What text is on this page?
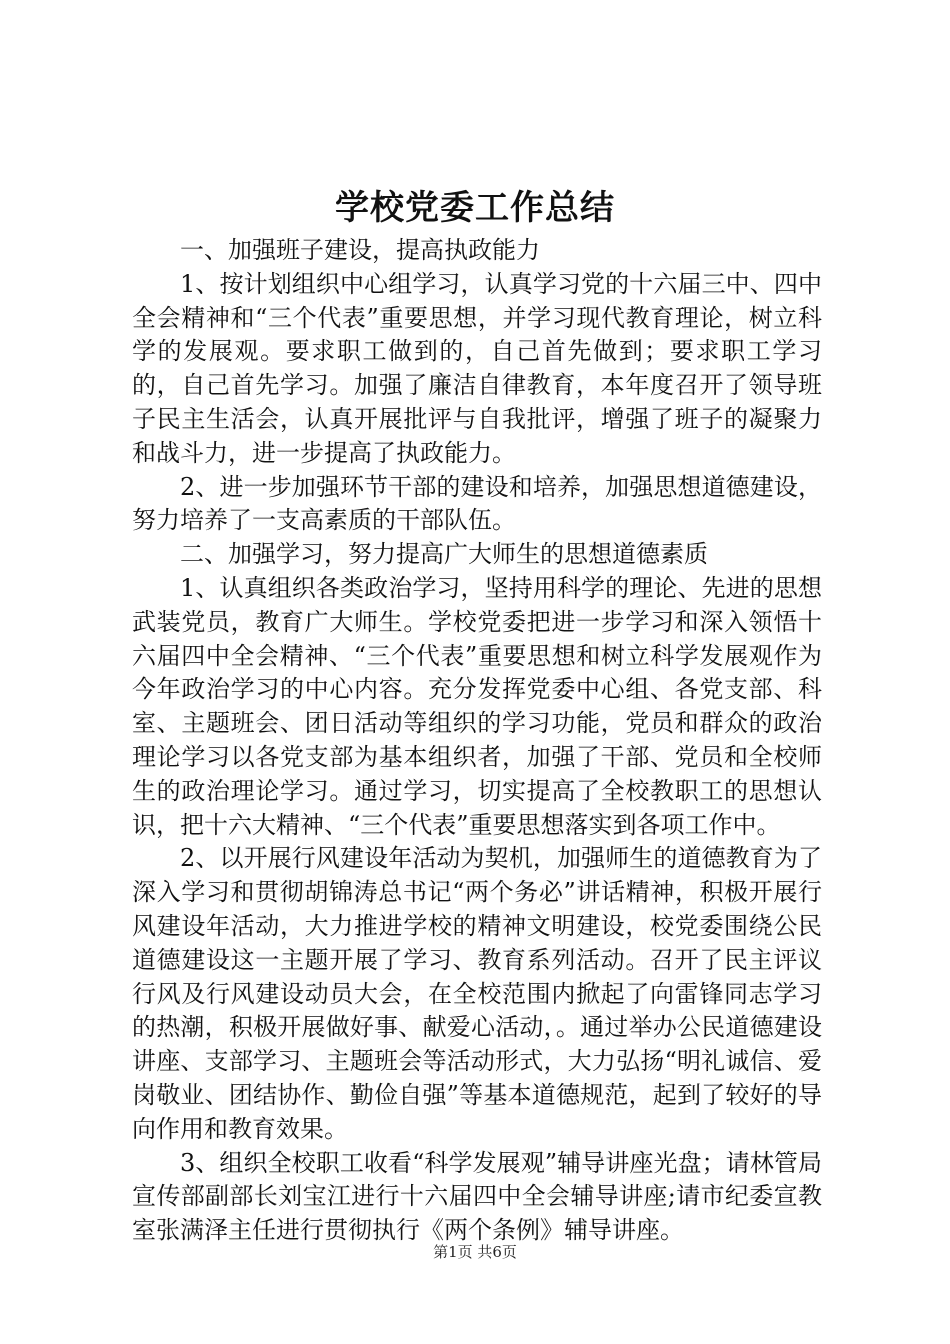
学校党委工作总结

一、加强班子建设，提高执政能力

1、按计划组织中心组学习，认真学习党的十六届三中、四中全会精神和“三个代表”重要思想，并学习现代教育理论，树立科学的发展观。要求职工做到的，自己首先做到；要求职工学习的，自己首先学习。加强了廉洁自律教育，本年度召开了领导班子民主生活会，认真开展批评与自我批评，增强了班子的凝聚力和战斗力，进一步提高了执政能力。

2、进一步加强环节干部的建设和培养，加强思想道德建设，努力培养了一支高素质的干部队伍。

二、加强学习，努力提高广大师生的思想道德素质

1、认真组织各类政治学习，坚持用科学的理论、先进的思想武装党员，教育广大师生。学校党委把进一步学习和深入领悟十六届四中全会精神、“三个代表”重要思想和树立科学发展观作为今年政治学习的中心内容。充分发挥党委中心组、各党支部、科室、主题班会、团日活动等组织的学习功能，党员和群众的政治理论学习以各党支部为基本组织者，加强了干部、党员和全校师生的政治理论学习。通过学习，切实提高了全校教职工的思想认识，把十六大精神、“三个代表”重要思想落实到各项工作中。

2、以开展行风建设年活动为契机，加强师生的道德教育为了深入学习和贯彻胡锦涛总书记“两个务必”讲话精神，积极开展行风建设年活动，大力推进学校的精神文明建设，校党委围绕公民道德建设这一主题开展了学习、教育系列活动。召开了民主评议行风及行风建设动员大会，在全校范围内掀起了向雷锋同志学习的热潮，积极开展做好事、献爱心活动，。通过举办公民道德建设讲座、支部学习、主题班会等活动形式，大力弘扬“明礼诚信、爱岗敬业、团结协作、勤俭自强”等基本道德规范，起到了较好的导向作用和教育效果。

3、组织全校职工收看“科学发展观”辅导讲座光盘；请林管局宣传部副部长刘宝江进行十六届四中全会辅导讲座;请市纪委宣教室张满泽主任进行贯彻执行《两个条例》辅导讲座。

第1页 共6页
